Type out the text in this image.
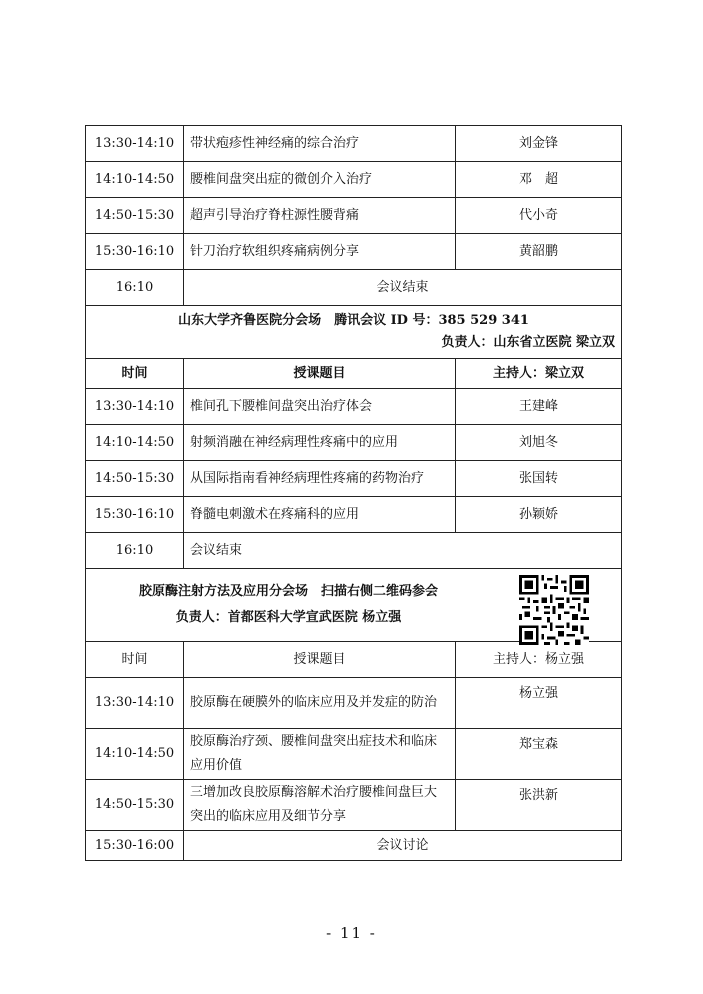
13:30-14:10	带状疱疹性神经痛的综合治疗	刘金锋
14:10-14:50	腰椎间盘突出症的微创介入治疗	邓　超
14:50-15:30	超声引导治疗脊柱源性腰背痛	代小奇
15:30-16:10	针刀治疗软组织疼痛病例分享	黄韶鹏
16:10	会议结束	

山东大学齐鲁医院分会场　腾讯会议 ID 号：385 529 341
负责人：山东省立医院 梁立双		

时间	授课题目	主持人：梁立双
13:30-14:10	椎间孔下腰椎间盘突出治疗体会	王建峰
14:10-14:50	射频消融在神经病理性疼痛中的应用	刘旭冬
14:50-15:30	从国际指南看神经病理性疼痛的药物治疗	张国转
15:30-16:10	脊髓电刺激术在疼痛科的应用	孙颖娇
16:10	会议结束	

胶原酶注射方法及应用分会场　扫描右侧二维码参会
负责人：首都医科大学宣武医院 杨立强		

时间	授课题目	主持人：杨立强
13:30-14:10	胶原酶在硬膜外的临床应用及并发症的防治	杨立强
14:10-14:50	胶原酶治疗颈、腰椎间盘突出症技术和临床应用价值	郑宝森
14:50-15:30	三增加改良胶原酶溶解术治疗腰椎间盘巨大突出的临床应用及细节分享	张洪新
15:30-16:00	会议讨论	
- 11 -
